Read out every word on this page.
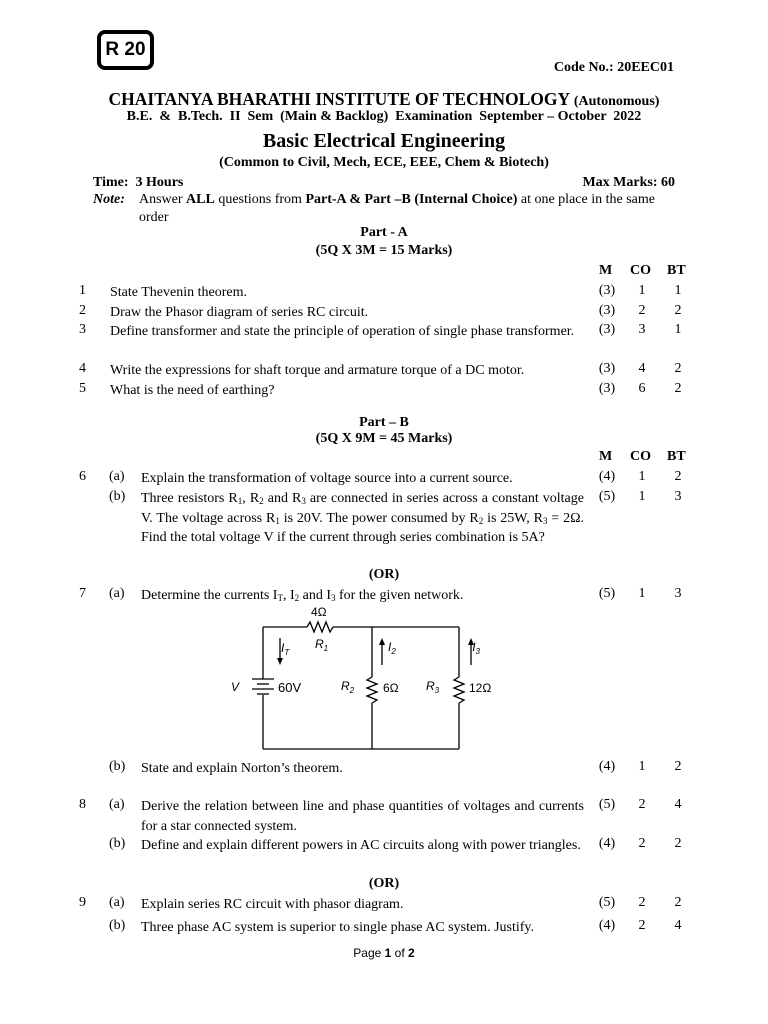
R 20
Code No.: 20EEC01
CHAITANYA BHARATHI INSTITUTE OF TECHNOLOGY (Autonomous)
B.E.  &  B.Tech.  II  Sem  (Main & Backlog)  Examination  September – October  2022
Basic Electrical Engineering
(Common to Civil, Mech, ECE, EEE, Chem & Biotech)
Time:  3 Hours	Max Marks: 60
Note: Answer ALL questions from Part-A & Part –B (Internal Choice) at one place in the same order
Part - A
(5Q X 3M = 15 Marks)
M CO BT
1 State Thevenin theorem.	(3)	1	1
2 Draw the Phasor diagram of series RC circuit.	(3)	2	2
3 Define transformer and state the principle of operation of single phase transformer.	(3)	3	1
4 Write the expressions for shaft torque and armature torque of a DC motor.	(3)	4	2
5 What is the need of earthing?	(3)	6	2
Part – B
(5Q X 9M = 45 Marks)
M CO BT
6 (a) Explain the transformation of voltage source into a current source.	(4)	1	2
(b) Three resistors $R_1$, $R_2$ and $R_3$ are connected in series across a constant voltage V. The voltage across $R_1$ is 20V. The power consumed by $R_2$ is 25W, $R_3 = 2\Omega$. Find the total voltage V if the current through series combination is 5A?
(5)	1	3
7 (a) Determine the currents $I_T$, $I_2$ and $I_3$ for the given network.	(5)	1	3
(b) State and explain Norton’s theorem.	(4)	1	2
8 (a) Derive the relation between line and phase quantities of voltages and currents for a star connected system.
(5)	2	4
(b) Define and explain different powers in AC circuits along with power triangles.	(4)	2	2
9 (a) Explain series RC circuit with phasor diagram.	(5)	2	2
(b) Three phase AC system is superior to single phase AC system. Justify.	(4)	2	4
(OR)
(OR)
4Ω
$R_1$
$I_T$	$I_2$	$I_3$
V	60V	$R_2$ 6Ω $R_3$ 12Ω
Page 1 of 2
